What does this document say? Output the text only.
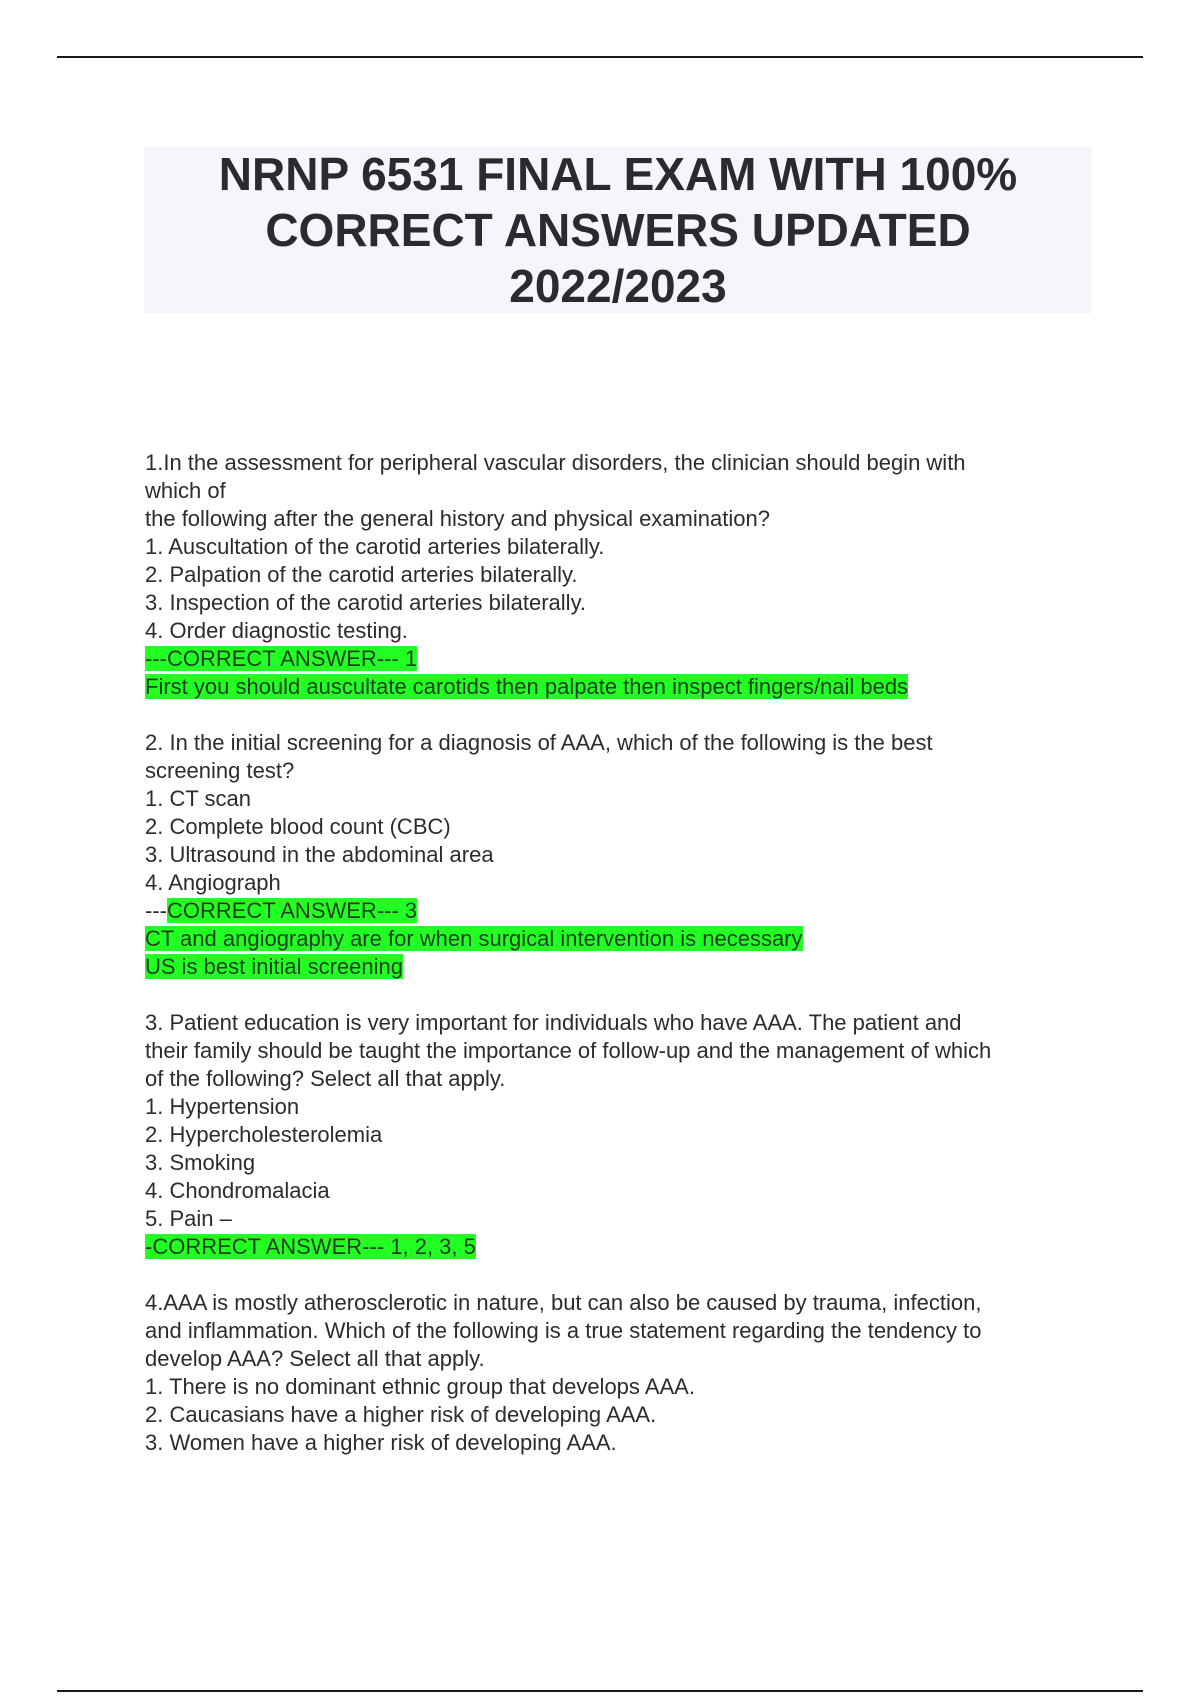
NRNP 6531 FINAL EXAM WITH 100%
CORRECT ANSWERS UPDATED
2022/2023
1.In the assessment for peripheral vascular disorders, the clinician should begin with
which of
the following after the general history and physical examination?
1. Auscultation of the carotid arteries bilaterally.
2. Palpation of the carotid arteries bilaterally.
3. Inspection of the carotid arteries bilaterally.
4. Order diagnostic testing.
---CORRECT ANSWER--- 1
First you should auscultate carotids then palpate then inspect fingers/nail beds
2. In the initial screening for a diagnosis of AAA, which of the following is the best
screening test?
1. CT scan
2. Complete blood count (CBC)
3. Ultrasound in the abdominal area
4. Angiograph
---CORRECT ANSWER--- 3
CT and angiography are for when surgical intervention is necessary
US is best initial screening
3. Patient education is very important for individuals who have AAA. The patient and
their family should be taught the importance of follow-up and the management of which
of the following? Select all that apply.
1. Hypertension
2. Hypercholesterolemia
3. Smoking
4. Chondromalacia
5. Pain –
-CORRECT ANSWER--- 1, 2, 3, 5
4.AAA is mostly atherosclerotic in nature, but can also be caused by trauma, infection,
and inflammation. Which of the following is a true statement regarding the tendency to
develop AAA? Select all that apply.
1. There is no dominant ethnic group that develops AAA.
2. Caucasians have a higher risk of developing AAA.
3. Women have a higher risk of developing AAA.
